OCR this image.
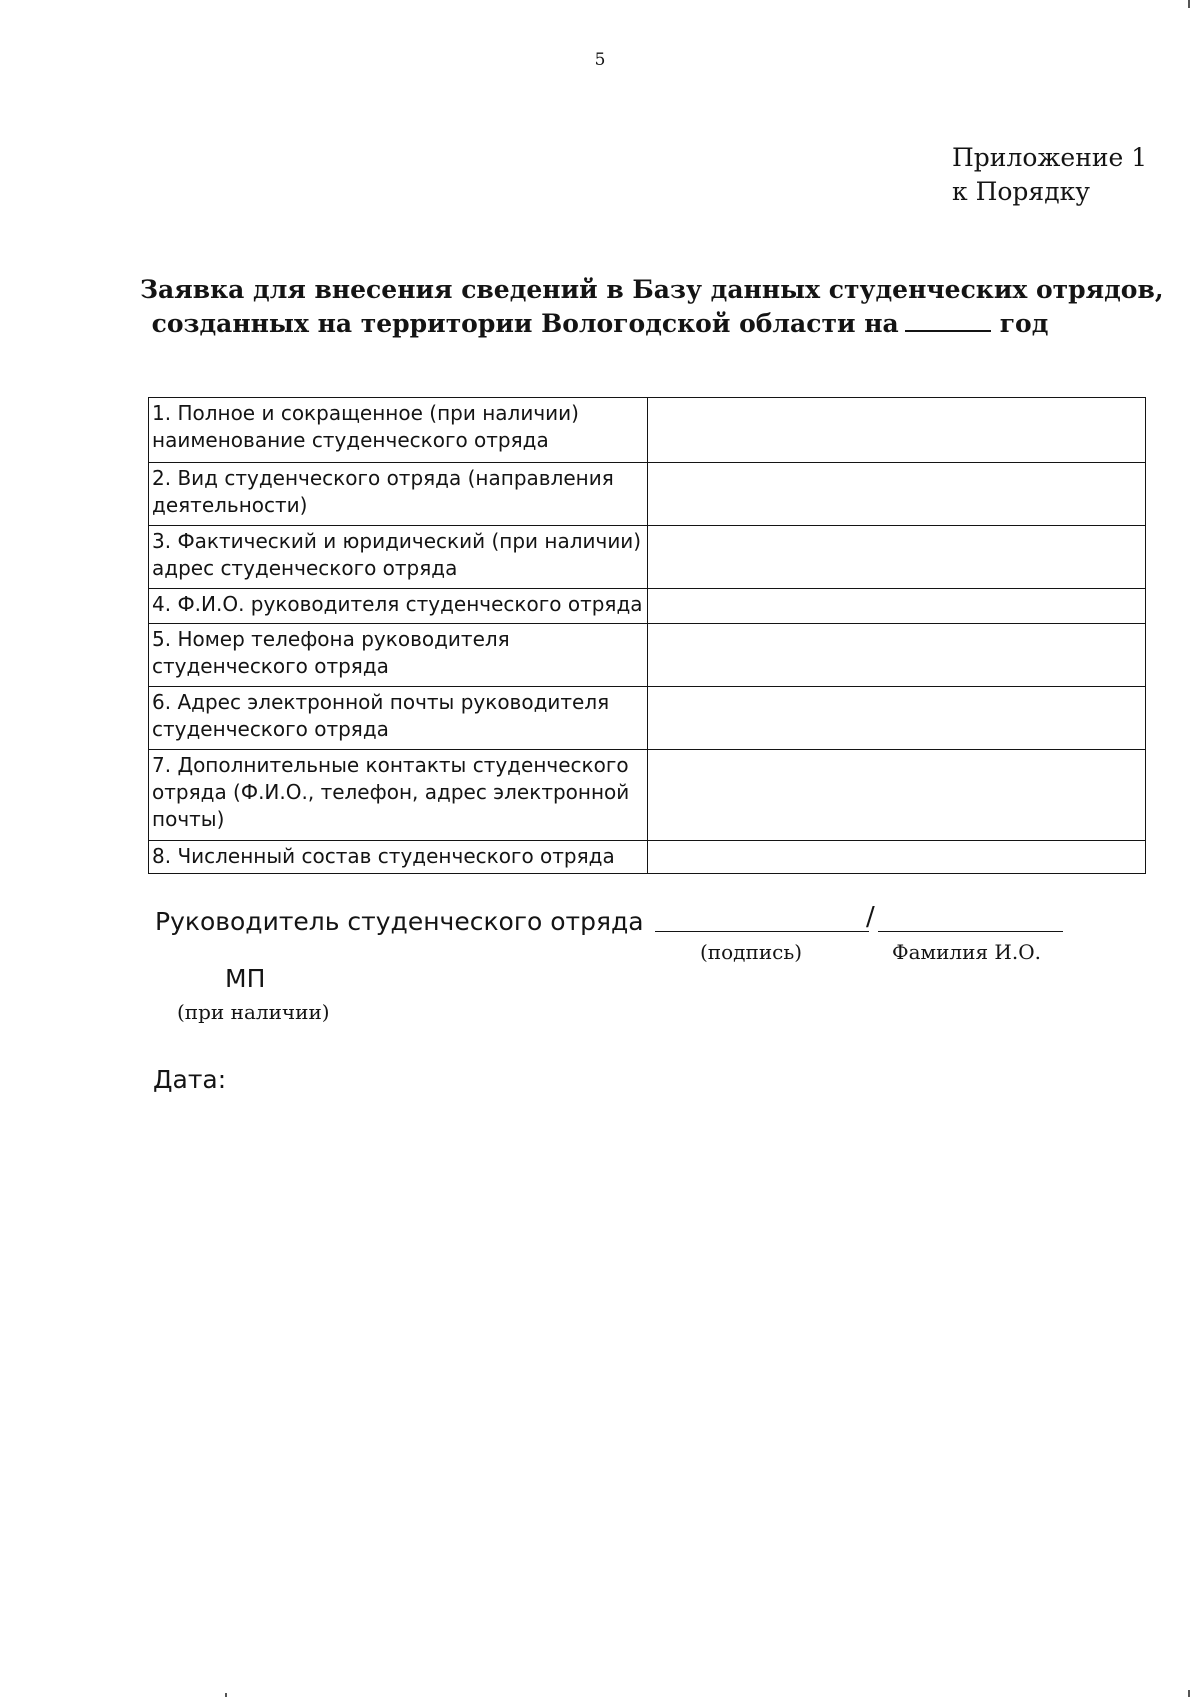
5
Приложение 1
к Порядку
Заявка для внесения сведений в Базу данных студенческих отрядов,
созданных на территории Вологодской области на	год
1. Полное и сокращенное (при наличии) наименование студенческого отряда	
2. Вид студенческого отряда (направления деятельности)	
3. Фактический и юридический (при наличии) адрес студенческого отряда	
4. Ф.И.О. руководителя студенческого отряда	
5. Номер телефона руководителя студенческого отряда	
6. Адрес электронной почты руководителя студенческого отряда	
7. Дополнительные контакты студенческого отряда (Ф.И.О., телефон, адрес электронной почты)	
8. Численный состав студенческого отряда	
Руководитель студенческого отряда	/
(подпись)	Фамилия И.О.
МП
(при наличии)
Дата:
